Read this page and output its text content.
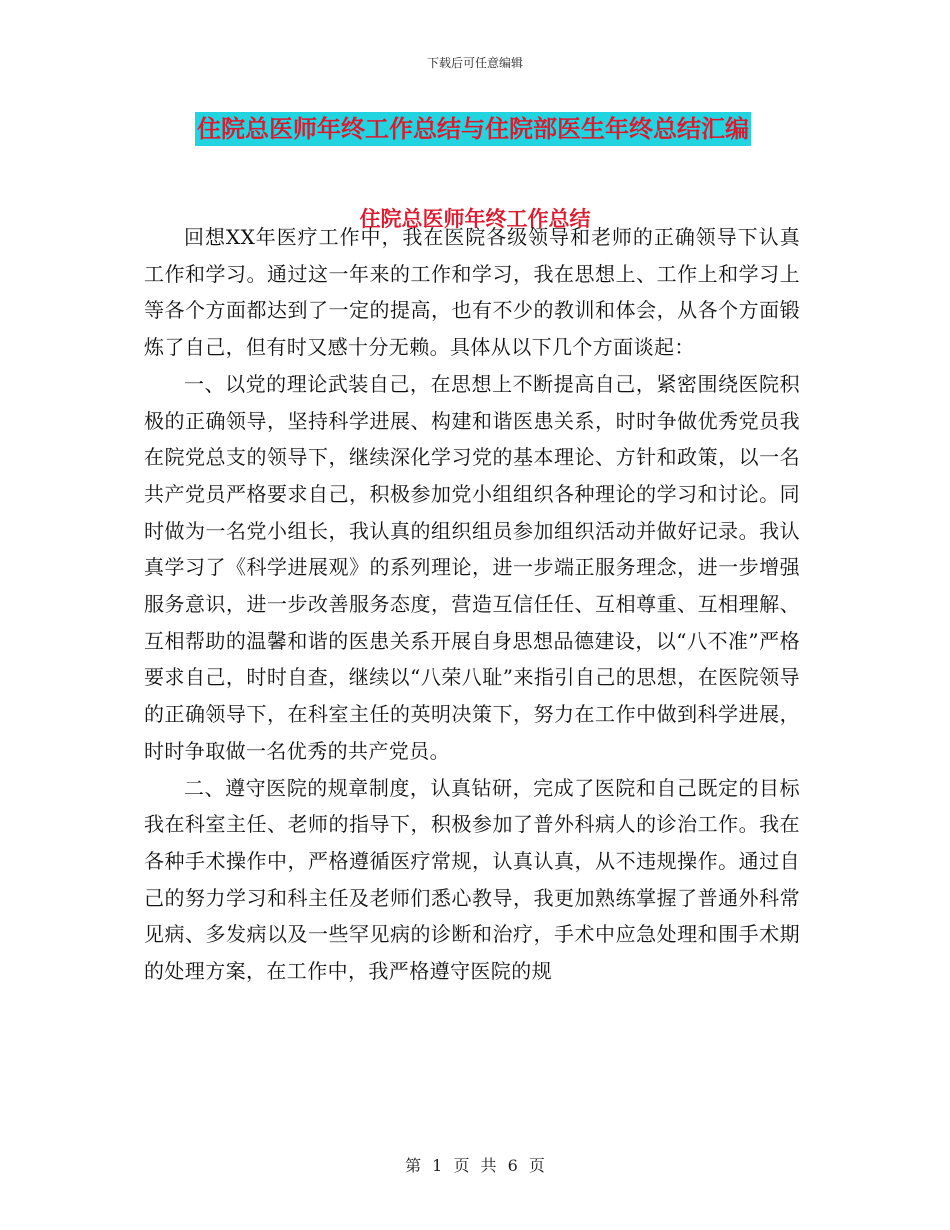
下载后可任意编辑
住院总医师年终工作总结与住院部医生年终总结汇编
住院总医师年终工作总结

回想XX年医疗工作中，我在医院各级领导和老师的正确领导下认真工作和学习。通过这一年来的工作和学习，我在思想上、工作上和学习上等各个方面都达到了一定的提高，也有不少的教训和体会，从各个方面锻炼了自己，但有时又感十分无赖。具体从以下几个方面谈起：

一、以党的理论武装自己，在思想上不断提高自己，紧密围绕医院积极的正确领导，坚持科学进展、构建和谐医患关系，时时争做优秀党员我在院党总支的领导下，继续深化学习党的基本理论、方针和政策，以一名共产党员严格要求自己，积极参加党小组组织各种理论的学习和讨论。同时做为一名党小组长，我认真的组织组员参加组织活动并做好记录。我认真学习了《科学进展观》的系列理论，进一步端正服务理念，进一步增强服务意识，进一步改善服务态度，营造互信任任、互相尊重、互相理解、互相帮助的温馨和谐的医患关系开展自身思想品德建设，以“八不准”严格要求自己，时时自查，继续以“八荣八耻”来指引自己的思想，在医院领导的正确领导下，在科室主任的英明决策下，努力在工作中做到科学进展，时时争取做一名优秀的共产党员。

二、遵守医院的规章制度，认真钻研，完成了医院和自己既定的目标我在科室主任、老师的指导下，积极参加了普外科病人的诊治工作。我在各种手术操作中，严格遵循医疗常规，认真认真，从不违规操作。通过自己的努力学习和科主任及老师们悉心教导，我更加熟练掌握了普通外科常见病、多发病以及一些罕见病的诊断和治疗，手术中应急处理和围手术期的处理方案，在工作中，我严格遵守医院的规

第 1 页 共 6 页
